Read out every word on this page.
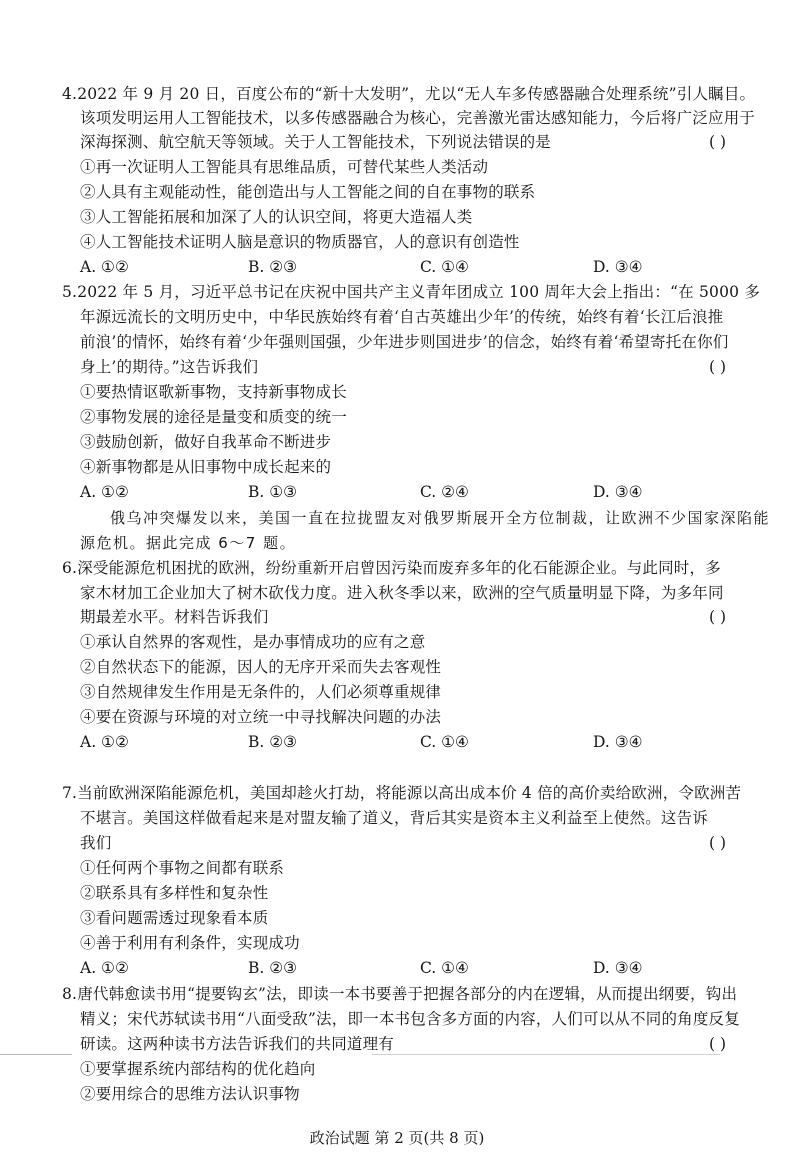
4.2022 年 9 月 20 日，百度公布的“新十大发明”，尤以“无人车多传感器融合处理系统”引人瞩目。
该项发明运用人工智能技术，以多传感器融合为核心，完善激光雷达感知能力，今后将广泛应用于
深海探测、航空航天等领域。关于人工智能技术，下列说法错误的是	( )
①再一次证明人工智能具有思维品质，可替代某些人类活动
②人具有主观能动性，能创造出与人工智能之间的自在事物的联系
③人工智能拓展和加深了人的认识空间，将更大造福人类
④人工智能技术证明人脑是意识的物质器官，人的意识有创造性
A. ①②	B. ②③	C. ①④	D. ③④
5.2022 年 5 月，习近平总书记在庆祝中国共产主义青年团成立 100 周年大会上指出：“在 5000 多
年源远流长的文明历史中，中华民族始终有着‘自古英雄出少年’的传统，始终有着‘长江后浪推
前浪’的情怀，始终有着‘少年强则国强，少年进步则国进步’的信念，始终有着‘希望寄托在你们
身上’的期待。”这告诉我们	( )
①要热情讴歌新事物，支持新事物成长
②事物发展的途径是量变和质变的统一
③鼓励创新，做好自我革命不断进步
④新事物都是从旧事物中成长起来的
A. ①②	B. ①③	C. ②④	D. ③④
俄乌冲突爆发以来，美国一直在拉拢盟友对俄罗斯展开全方位制裁，让欧洲不少国家深陷能
源危机。据此完成 6～7 题。
6.深受能源危机困扰的欧洲，纷纷重新开启曾因污染而废弃多年的化石能源企业。与此同时，多
家木材加工企业加大了树木砍伐力度。进入秋冬季以来，欧洲的空气质量明显下降，为多年同
期最差水平。材料告诉我们	( )
①承认自然界的客观性，是办事情成功的应有之意
②自然状态下的能源，因人的无序开采而失去客观性
③自然规律发生作用是无条件的，人们必须尊重规律
④要在资源与环境的对立统一中寻找解决问题的办法
A. ①②	B. ②③	C. ①④	D. ③④
7.当前欧洲深陷能源危机，美国却趁火打劫，将能源以高出成本价 4 倍的高价卖给欧洲，令欧洲苦
不堪言。美国这样做看起来是对盟友输了道义，背后其实是资本主义利益至上使然。这告诉
我们	( )
①任何两个事物之间都有联系
②联系具有多样性和复杂性
③看问题需透过现象看本质
④善于利用有利条件，实现成功
A. ①②	B. ②③	C. ①④	D. ③④
8.唐代韩愈读书用“提要钩玄”法，即读一本书要善于把握各部分的内在逻辑，从而提出纲要，钩出
精义；宋代苏轼读书用“八面受敌”法，即一本书包含多方面的内容，人们可以从不同的角度反复
研读。这两种读书方法告诉我们的共同道理有	( )
①要掌握系统内部结构的优化趋向
②要用综合的思维方法认识事物
政治试题 第 2 页(共 8 页)
